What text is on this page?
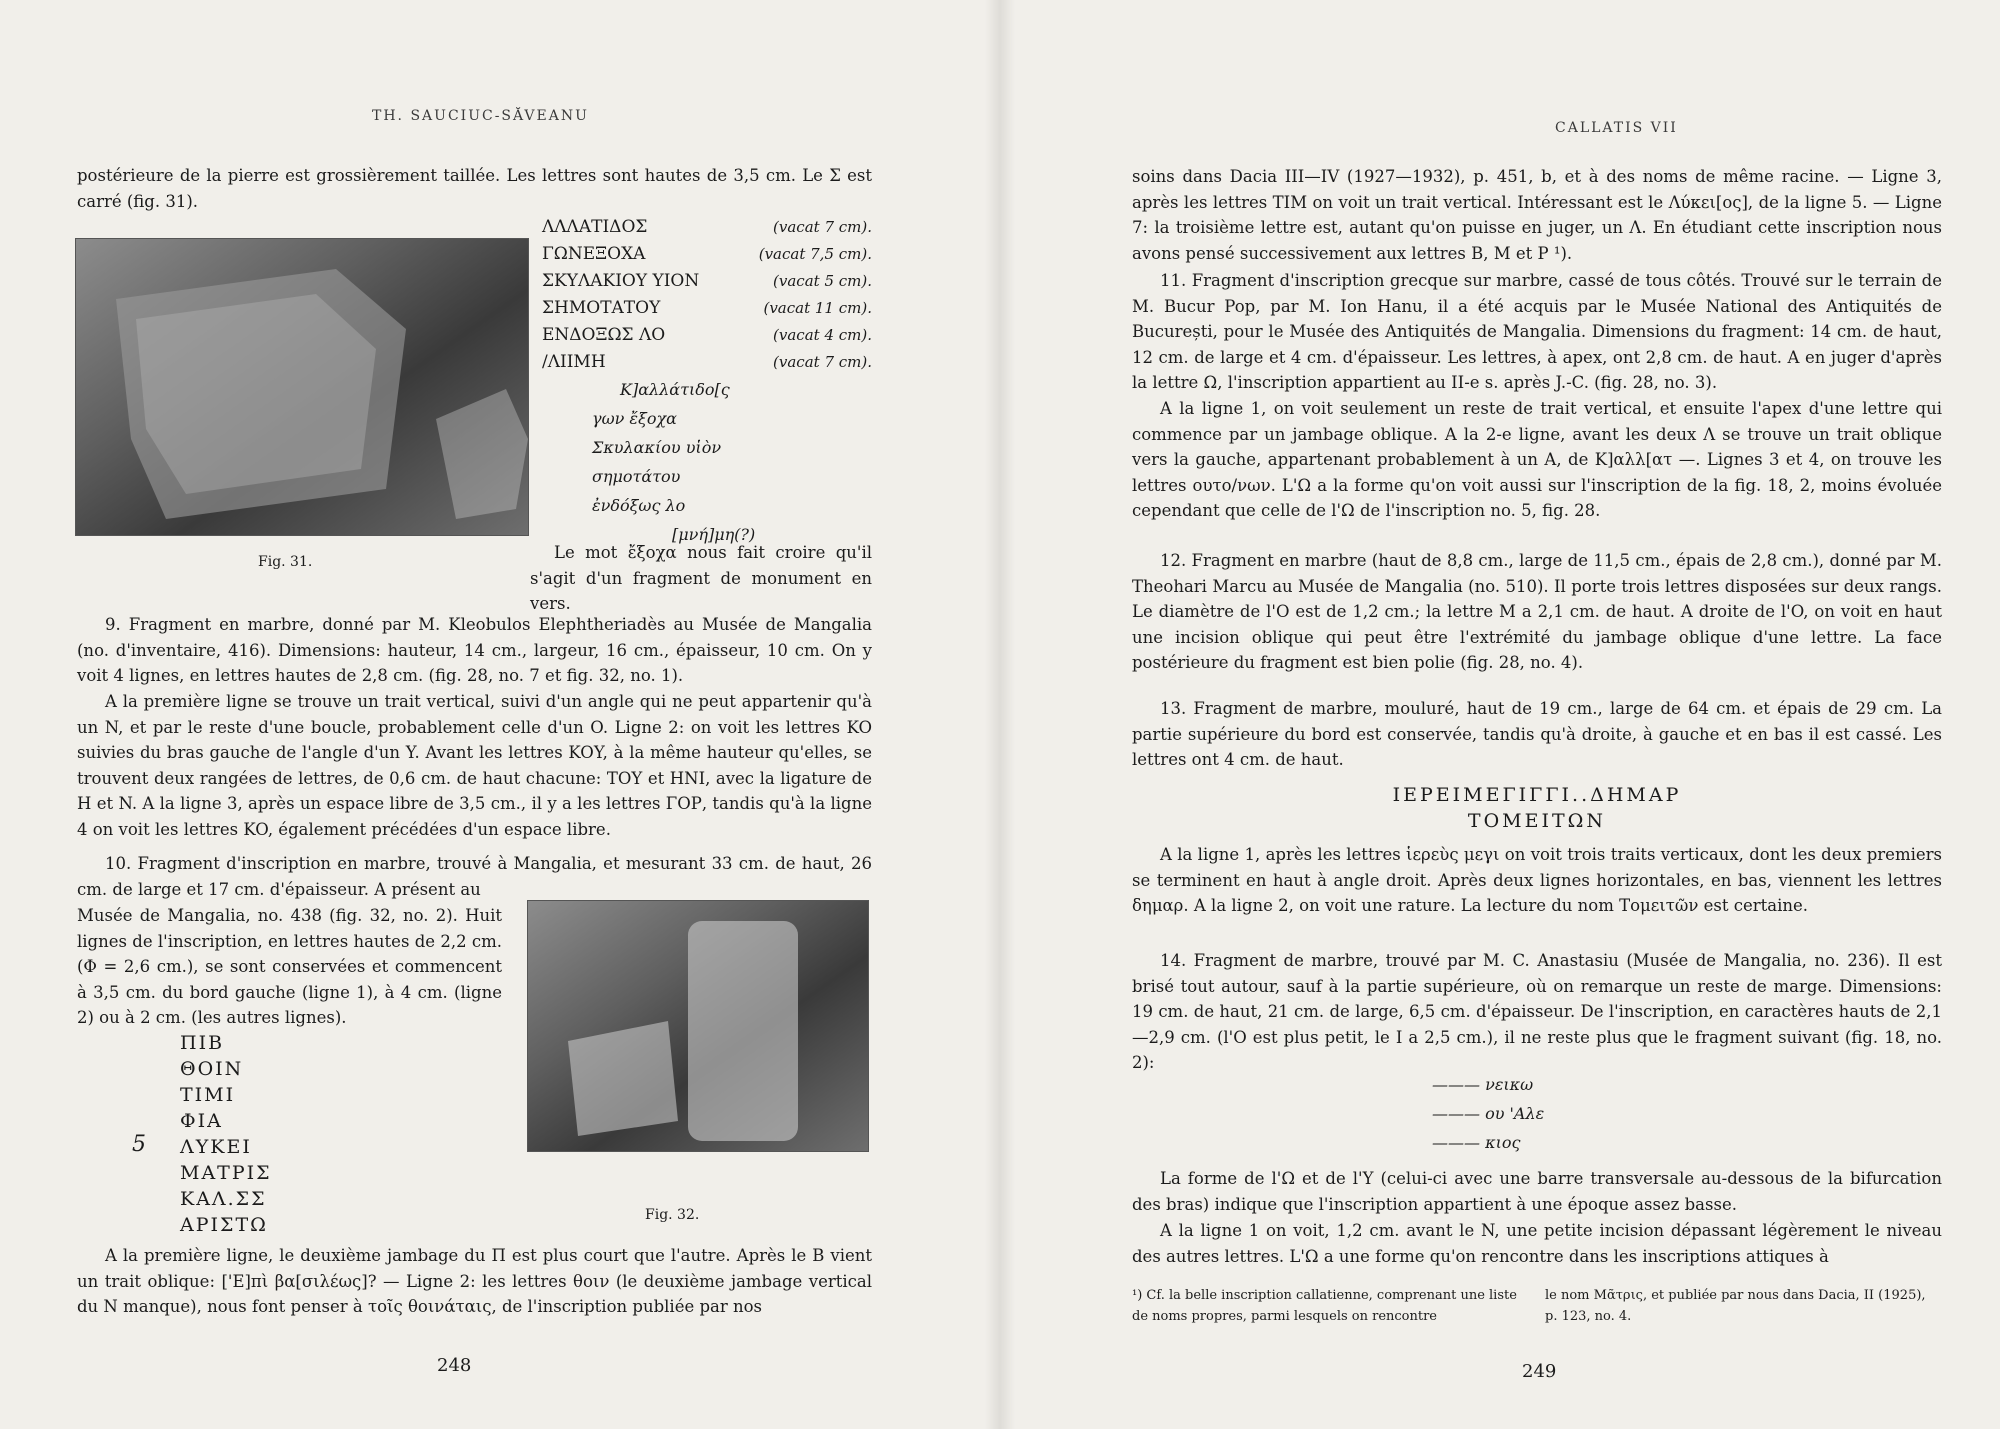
TH. SAUCIUC-SĂVEANU

postérieure de la pierre est grossièrement taillée. Les lettres sont hautes de 3,5 cm. Le Σ est carré (fig. 31).

Fig. 31.
ΛΛΛΑΤΙΔΟΣ	(vacat 7 cm).
ΓΩΝΕΞΟΧΑ	(vacat 7,5 cm).
ΣΚΥΛΑΚΙΟΥ ΥΙΟΝ	(vacat 5 cm).
ΣΗΜΟΤΑΤΟΥ	(vacat 11 cm).
ΕΝΔΟΞΩΣ ΛΟ	(vacat 4 cm).
/ΛΙΙΜΗ	(vacat 7 cm).
Κ]αλλάτιδο[ς
γων ἔξοχα
Σκυλακίου υἱὸν
σημοτάτου
ἐνδόξως λο
[μνή]μη(?)

Le mot ἔξοχα nous fait croire qu'il s'agit d'un fragment de monument en vers.

9. Fragment en marbre, donné par M. Kleobulos Elephtheriadès au Musée de Mangalia (no. d'inventaire, 416). Dimensions: hauteur, 14 cm., largeur, 16 cm., épaisseur, 10 cm. On y voit 4 lignes, en lettres hautes de 2,8 cm. (fig. 28, no. 7 et fig. 32, no. 1).

A la première ligne se trouve un trait vertical, suivi d'un angle qui ne peut appartenir qu'à un N, et par le reste d'une boucle, probablement celle d'un O. Ligne 2: on voit les lettres KO suivies du bras gauche de l'angle d'un Y. Avant les lettres KOY, à la même hauteur qu'elles, se trouvent deux rangées de lettres, de 0,6 cm. de haut chacune: TOY et HNI, avec la ligature de H et N. A la ligne 3, après un espace libre de 3,5 cm., il y a les lettres ΓΟΡ, tandis qu'à la ligne 4 on voit les lettres KO, également précédées d'un espace libre.

10. Fragment d'inscription en marbre, trouvé à Mangalia, et mesurant 33 cm. de haut, 26 cm. de large et 17 cm. d'épaisseur. A présent au

Musée de Mangalia, no. 438 (fig. 32, no. 2). Huit lignes de l'inscription, en lettres hautes de 2,2 cm. (Φ = 2,6 cm.), se sont conservées et commencent à 3,5 cm. du bord gauche (ligne 1), à 4 cm. (ligne 2) ou à 2 cm. (les autres lignes).

ΠΙΒ
ΘΟΙΝ
ΤΙΜΙ
ΦΙΑ
ΛΥΚΕΙ
ΜΑΤΡΙΣ
ΚΑΛ.ΣΣ
ΑΡΙΣΤΩ
5
Fig. 32.

A la première ligne, le deuxième jambage du Π est plus court que l'autre. Après le B vient un trait oblique: ['E]πὶ βα[σιλέως]? — Ligne 2: les lettres θοιν (le deuxième jambage vertical du N manque), nous font penser à τοῖς θοινάταις, de l'inscription publiée par nos

248
CALLATIS VII

soins dans Dacia III—IV (1927—1932), p. 451, b, et à des noms de même racine. — Ligne 3, après les lettres TIM on voit un trait vertical. Intéressant est le Λύκει[ος], de la ligne 5. — Ligne 7: la troisième lettre est, autant qu'on puisse en juger, un Λ. En étudiant cette inscription nous avons pensé successivement aux lettres B, M et P ¹).

11. Fragment d'inscription grecque sur marbre, cassé de tous côtés. Trouvé sur le terrain de M. Bucur Pop, par M. Ion Hanu, il a été acquis par le Musée National des Antiquités de București, pour le Musée des Antiquités de Mangalia. Dimensions du fragment: 14 cm. de haut, 12 cm. de large et 4 cm. d'épaisseur. Les lettres, à apex, ont 2,8 cm. de haut. A en juger d'après la lettre Ω, l'inscription appartient au II-e s. après J.-C. (fig. 28, no. 3).

A la ligne 1, on voit seulement un reste de trait vertical, et ensuite l'apex d'une lettre qui commence par un jambage oblique. A la 2-e ligne, avant les deux Λ se trouve un trait oblique vers la gauche, appartenant probablement à un A, de Κ]αλλ[ατ —. Lignes 3 et 4, on trouve les lettres ουτο/νων. L'Ω a la forme qu'on voit aussi sur l'inscription de la fig. 18, 2, moins évoluée cependant que celle de l'Ω de l'inscription no. 5, fig. 28.

12. Fragment en marbre (haut de 8,8 cm., large de 11,5 cm., épais de 2,8 cm.), donné par M. Theohari Marcu au Musée de Mangalia (no. 510). Il porte trois lettres disposées sur deux rangs. Le diamètre de l'O est de 1,2 cm.; la lettre M a 2,1 cm. de haut. A droite de l'O, on voit en haut une incision oblique qui peut être l'extrémité du jambage oblique d'une lettre. La face postérieure du fragment est bien polie (fig. 28, no. 4).

13. Fragment de marbre, mouluré, haut de 19 cm., large de 64 cm. et épais de 29 cm. La partie supérieure du bord est conservée, tandis qu'à droite, à gauche et en bas il est cassé. Les lettres ont 4 cm. de haut.

ΙΕΡΕΙΜΕΓΙΓΓΙ..ΔΗΜΑΡ
ΤΟΜΕΙΤΩΝ

A la ligne 1, après les lettres ἱερεὺς μεγι on voit trois traits verticaux, dont les deux premiers se terminent en haut à angle droit. Après deux lignes horizontales, en bas, viennent les lettres δημαρ. A la ligne 2, on voit une rature. La lecture du nom Τομειτῶν est certaine.

14. Fragment de marbre, trouvé par M. C. Anastasiu (Musée de Mangalia, no. 236). Il est brisé tout autour, sauf à la partie supérieure, où on remarque un reste de marge. Dimensions: 19 cm. de haut, 21 cm. de large, 6,5 cm. d'épaisseur. De l'inscription, en caractères hauts de 2,1—2,9 cm. (l'O est plus petit, le I a 2,5 cm.), il ne reste plus que le fragment suivant (fig. 18, no. 2):

——— νεικω
——— ου 'Αλε
——— κιος

La forme de l'Ω et de l'Y (celui-ci avec une barre transversale au-dessous de la bifurcation des bras) indique que l'inscription appartient à une époque assez basse.

A la ligne 1 on voit, 1,2 cm. avant le N, une petite incision dépassant légèrement le niveau des autres lettres. L'Ω a une forme qu'on rencontre dans les inscriptions attiques à

¹) Cf. la belle inscription callatienne, comprenant une liste de noms propres, parmi lesquels on rencontre
le nom Μᾶτρις, et publiée par nous dans Dacia, II (1925), p. 123, no. 4.
249
